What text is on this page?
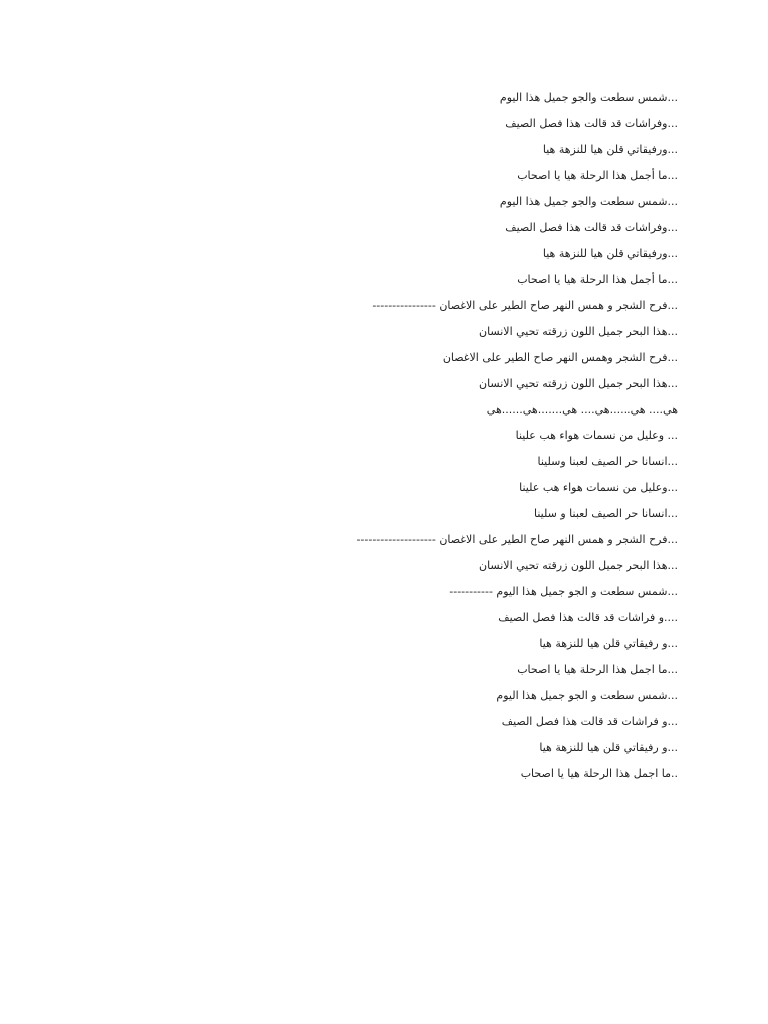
...شمس سطعت والجو جميل هذا اليوم
...وفراشات قد قالت هذا فصل الصيف
...ورفيقاتي قلن هيا للنزهة هيا
...ما أجمل هذا الرحلة هيا يا اصحاب
...شمس سطعت والجو جميل هذا اليوم
...وفراشات قد قالت هذا فصل الصيف
...ورفيقاتي قلن هيا للنزهة هيا
...ما أجمل هذا الرحلة هيا يا اصحاب
...فرح الشجر و همس النهر صاح الطير على الاغصان ----------------
...هذا البحر جميل اللون زرقته تحيي الانسان
...فرح الشجر وهمس النهر صاح الطير على الاغصان
...هذا البحر جميل اللون زرقته تحيي الانسان
هي.... هي......هي.... هي.......هي......هي
... وعليل من نسمات هواء هب علينا
...انسانا حر الصيف لعبنا وسلينا
...وعليل من نسمات هواء هب علينا
...انسانا حر الصيف لعبنا و سلينا
...فرح الشجر و همس النهر صاح الطير على الاغصان --------------------
...هذا البحر جميل اللون زرقته تحيي الانسان
...شمس سطعت و الجو جميل هذا اليوم -----------
....و فراشات قد قالت هذا فصل الصيف
...و رفيقاتي قلن هيا للنزهة هيا
...ما اجمل هذا الرحلة هيا يا اصحاب
...شمس سطعت و الجو جميل هذا اليوم
...و فراشات قد قالت هذا فصل الصيف
...و رفيقاتي قلن هيا للنزهة هيا
..ما اجمل هذا الرحلة هيا يا اصحاب
